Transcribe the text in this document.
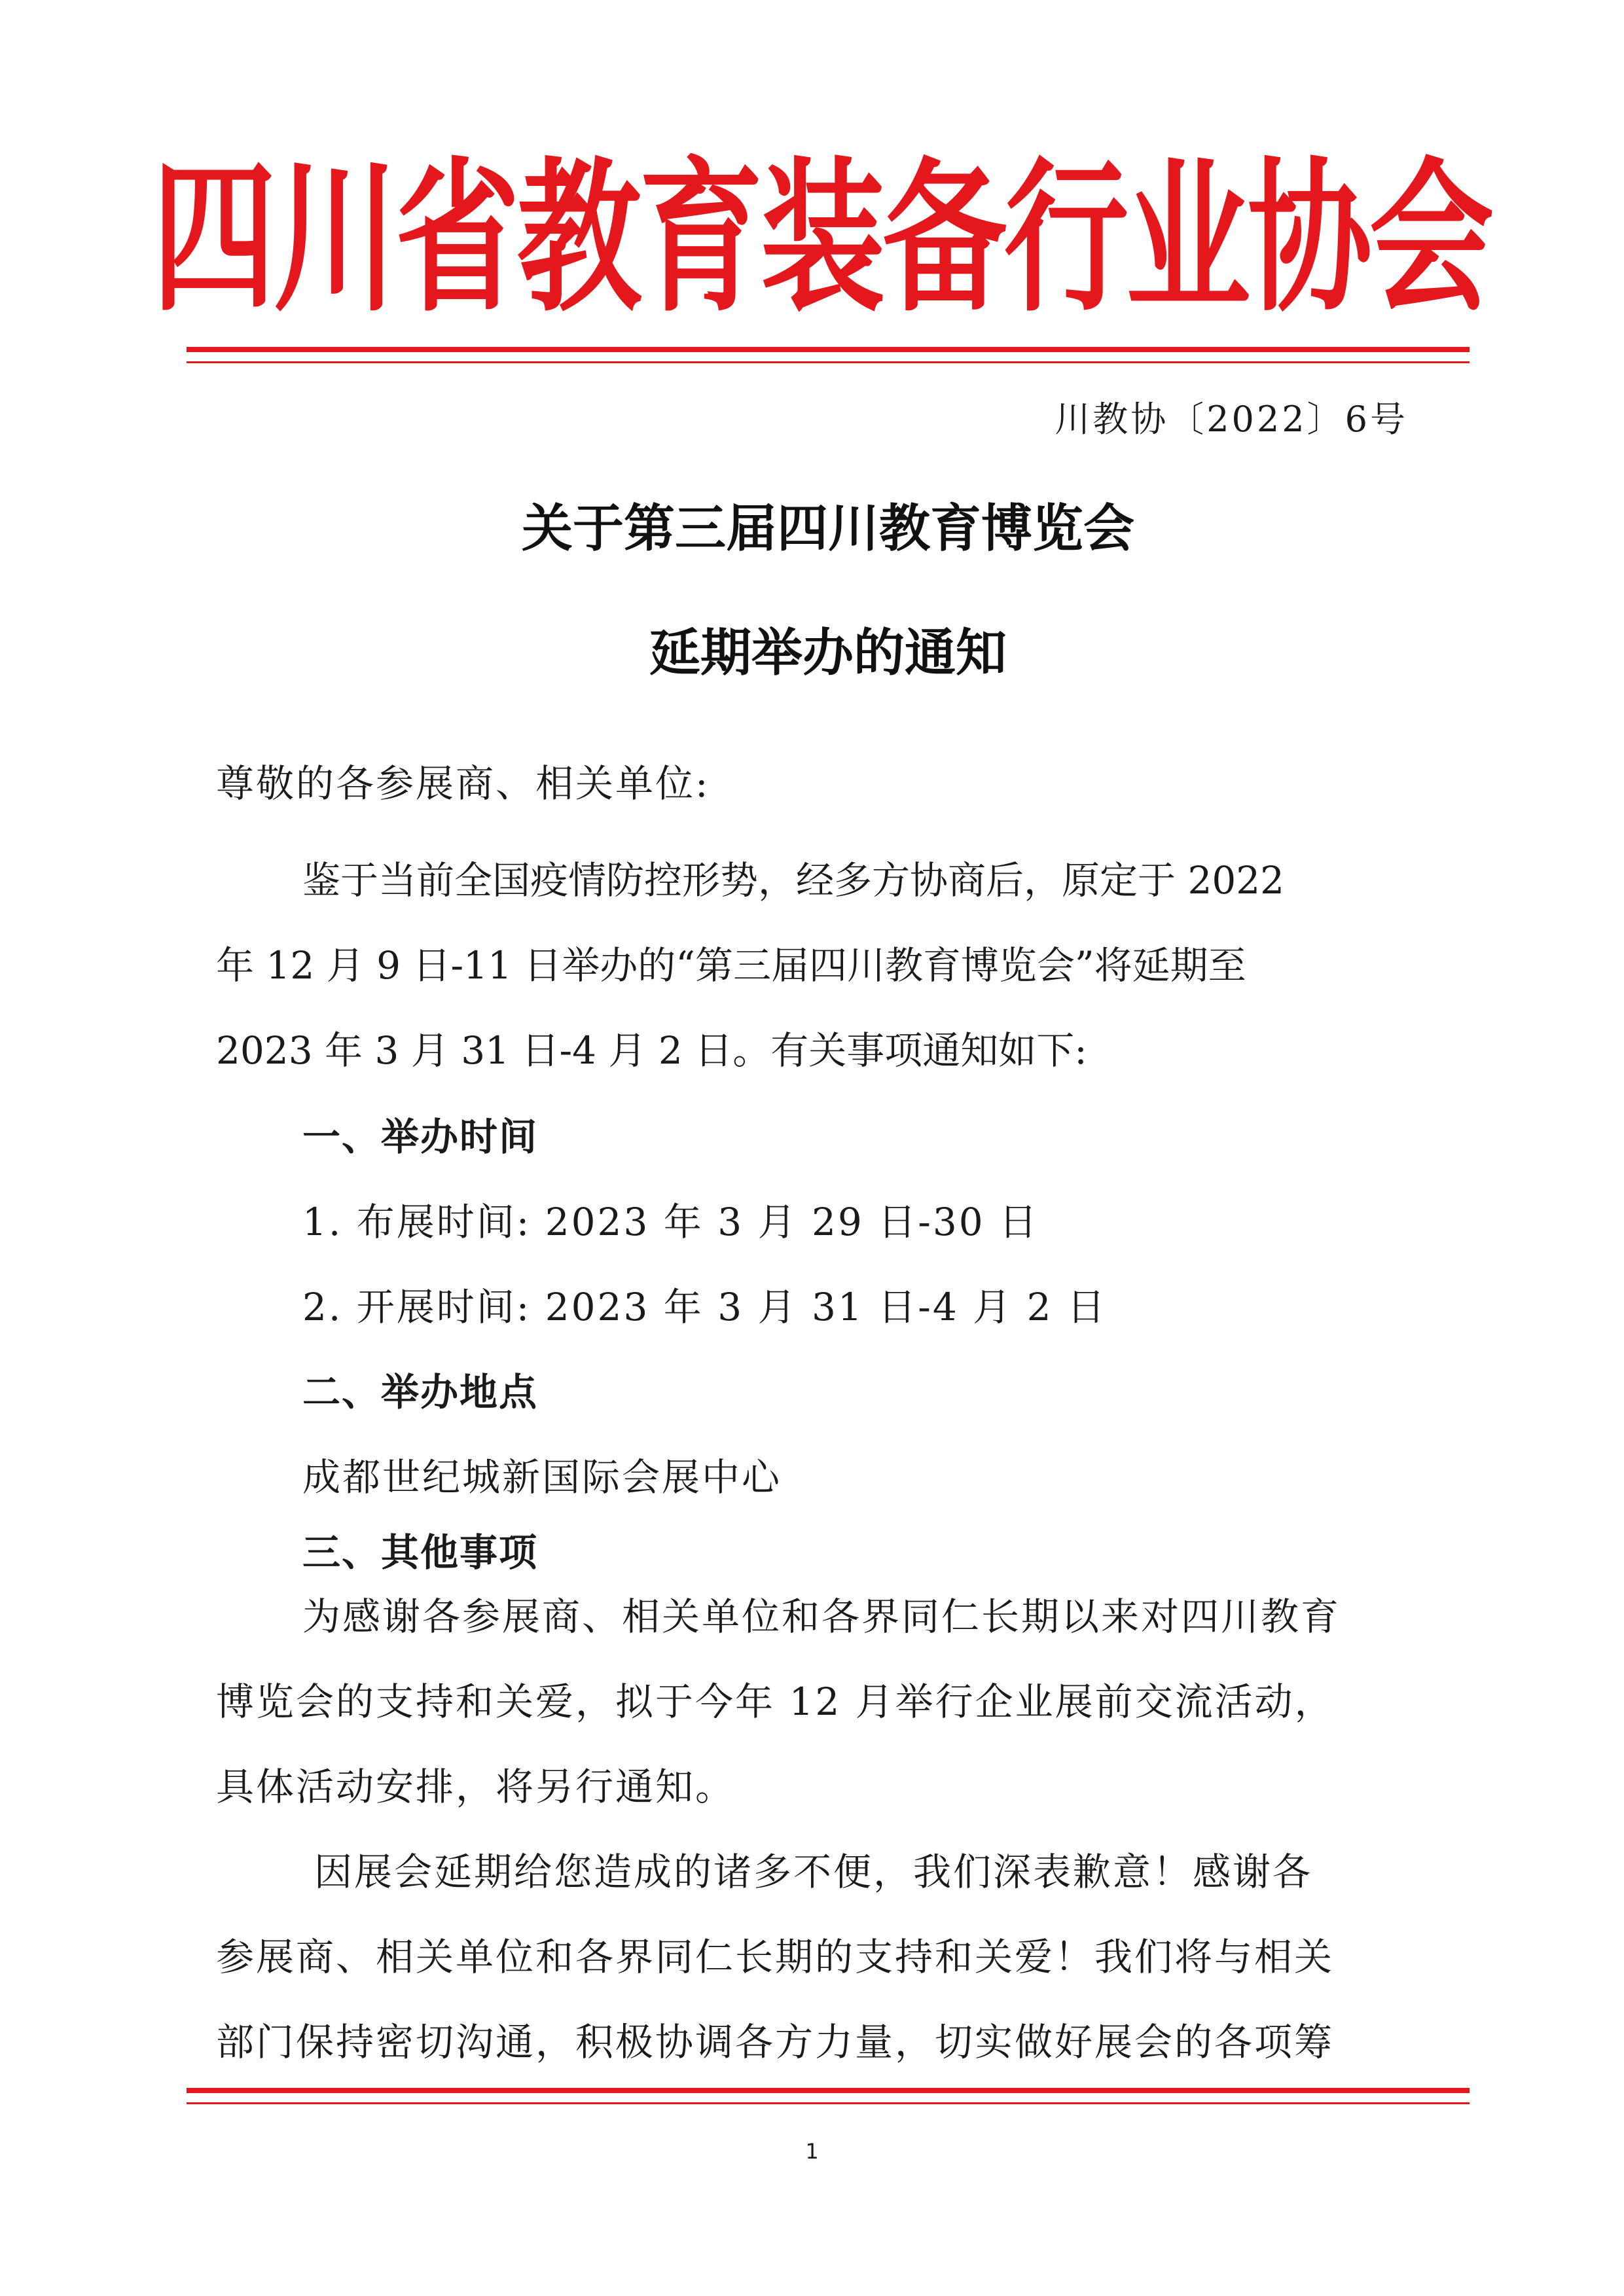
四川省教育装备行业协会
川教协〔2022〕6号
关于第三届四川教育博览会
延期举办的通知
尊敬的各参展商、相关单位:
鉴于当前全国疫情防控形势，经多方协商后，原定于 2022
年 12 月 9 日-11 日举办的“第三届四川教育博览会”将延期至
2023 年 3 月 31 日-4 月 2 日。有关事项通知如下:
一、举办时间
1. 布展时间: 2023 年 3 月 29 日-30 日
2. 开展时间: 2023 年 3 月 31 日-4 月 2 日
二、举办地点
成都世纪城新国际会展中心
三、其他事项
为感谢各参展商、相关单位和各界同仁长期以来对四川教育
博览会的支持和关爱，拟于今年 12 月举行企业展前交流活动，
具体活动安排，将另行通知。
因展会延期给您造成的诸多不便，我们深表歉意！感谢各
参展商、相关单位和各界同仁长期的支持和关爱！我们将与相关
部门保持密切沟通，积极协调各方力量，切实做好展会的各项筹
1
